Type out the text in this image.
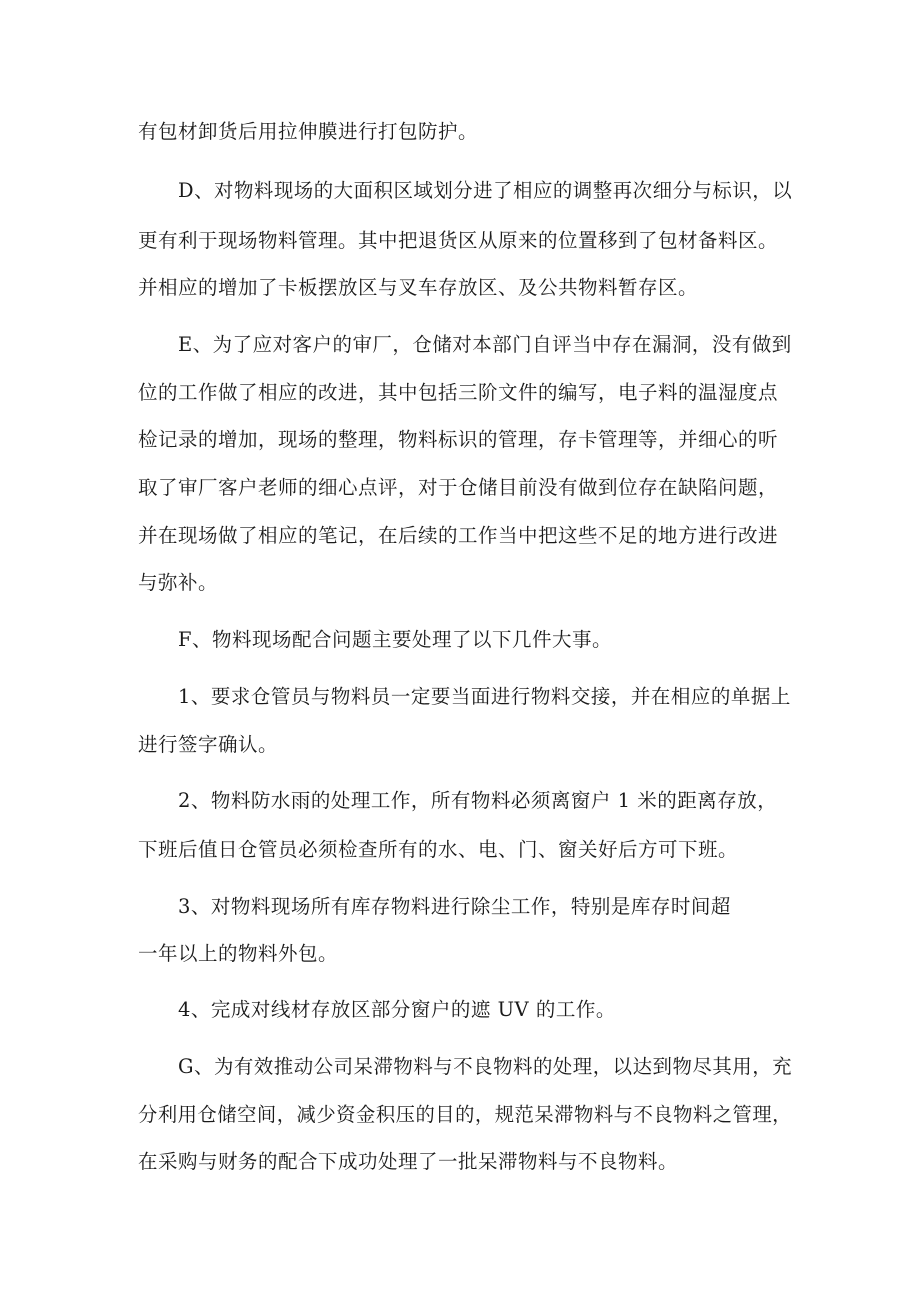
有包材卸货后用拉伸膜进行打包防护。
D、对物料现场的大面积区域划分进了相应的调整再次细分与标识，以
更有利于现场物料管理。其中把退货区从原来的位置移到了包材备料区。
并相应的增加了卡板摆放区与叉车存放区、及公共物料暂存区。
E、为了应对客户的审厂，仓储对本部门自评当中存在漏洞，没有做到
位的工作做了相应的改进，其中包括三阶文件的编写，电子料的温湿度点
检记录的增加，现场的整理，物料标识的管理，存卡管理等，并细心的听
取了审厂客户老师的细心点评，对于仓储目前没有做到位存在缺陷问题，
并在现场做了相应的笔记，在后续的工作当中把这些不足的地方进行改进
与弥补。
F、物料现场配合问题主要处理了以下几件大事。
1、要求仓管员与物料员一定要当面进行物料交接，并在相应的单据上
进行签字确认。
2、物料防水雨的处理工作，所有物料必须离窗户 1 米的距离存放，
下班后值日仓管员必须检查所有的水、电、门、窗关好后方可下班。
3、对物料现场所有库存物料进行除尘工作，特别是库存时间超
一年以上的物料外包。
4、完成对线材存放区部分窗户的遮 UV 的工作。
G、为有效推动公司呆滞物料与不良物料的处理，以达到物尽其用，充
分利用仓储空间，减少资金积压的目的，规范呆滞物料与不良物料之管理，
在采购与财务的配合下成功处理了一批呆滞物料与不良物料。
